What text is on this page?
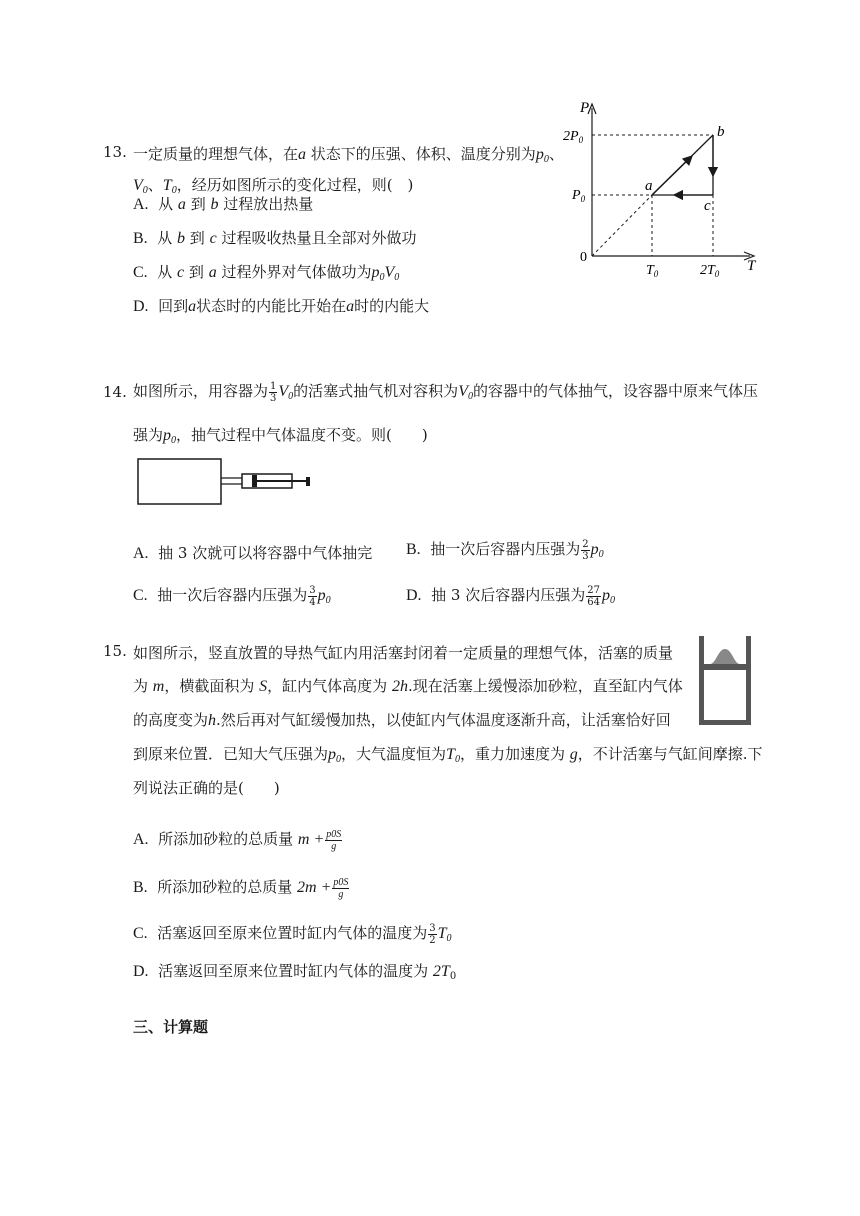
13. 一定质量的理想气体，在a 状态下的压强、体积、温度分别为$p_0$、
$V_0$、$T_0$，经历如图所示的变化过程，则(　)
A. 从 a 到 b 过程放出热量
B. 从 b 到 c 过程吸收热量且全部对外做功
C. 从 c 到 a 过程外界对气体做功为$p_0V_0$
D. 回到a状态时的内能比开始在a时的内能大
P
T
0
$2P_0$
$P_0$
$T_0$	$2T_0$
a
b
c
14. 如图所示，用容器为 $\frac{1}{3} V_0$的活塞式抽气机对容积为$V_0$的容器中的气体抽气，设容器中原来气体压
强为$p_0$，抽气过程中气体温度不变。则(　　)
A. 抽 3 次就可以将容器中气体抽完 B. 抽一次后容器内压强为 $\frac{2}{3} p_0$
C. 抽一次后容器内压强为 $\frac{3}{4} p_0$	D. 抽 3 次后容器内压强为 $\frac{27}{64} p_0$
15. 如图所示，竖直放置的导热气缸内用活塞封闭着一定质量的理想气体，活塞的质量
为 m，横截面积为 S，缸内气体高度为 2h.现在活塞上缓慢添加砂粒，直至缸内气体
的高度变为h.然后再对气缸缓慢加热，以使缸内气体温度逐渐升高，让活塞恰好回
到原来位置．已知大气压强为$p_0$，大气温度恒为$T_0$，重力加速度为 g，不计活塞与气缸间摩擦.下
列说法正确的是(　　)
A. 所添加砂粒的总质量 $m + \frac{p0S}{g}$
B. 所添加砂粒的总质量 $2m + \frac{p0S}{g}$
C. 活塞返回至原来位置时缸内气体的温度为 $\frac{3}{2} T_0$
D. 活塞返回至原来位置时缸内气体的温度为 $2T_0$
三、计算题
